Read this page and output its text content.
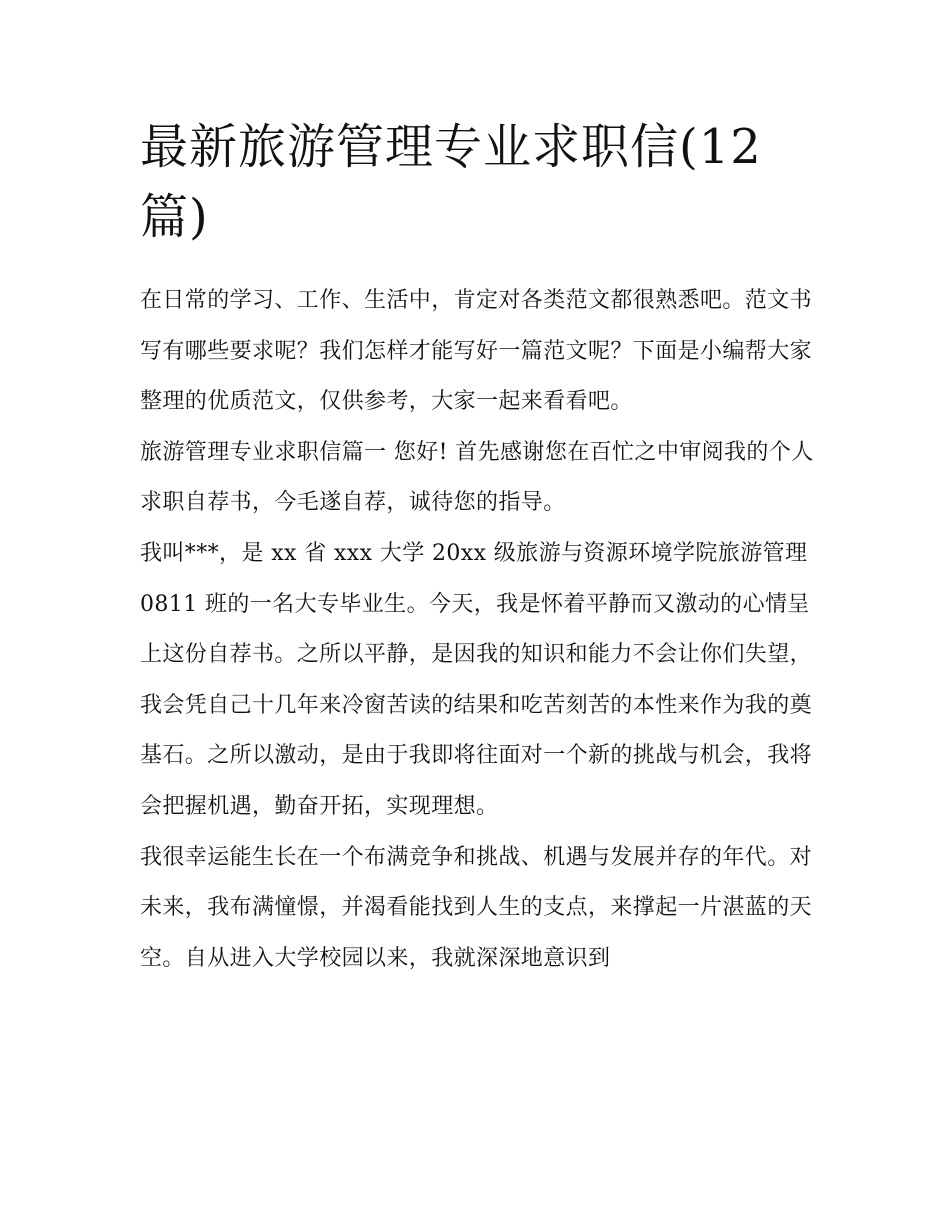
最新旅游管理专业求职信(12篇)

在日常的学习、工作、生活中，肯定对各类范文都很熟悉吧。范文书写有哪些要求呢？我们怎样才能写好一篇范文呢？下面是小编帮大家整理的优质范文，仅供参考，大家一起来看看吧。

旅游管理专业求职信篇一 您好! 首先感谢您在百忙之中审阅我的个人求职自荐书，今毛遂自荐，诚待您的指导。

我叫***，是 xx 省 xxx 大学 20xx 级旅游与资源环境学院旅游管理 0811 班的一名大专毕业生。今天，我是怀着平静而又激动的心情呈上这份自荐书。之所以平静，是因我的知识和能力不会让你们失望，我会凭自己十几年来冷窗苦读的结果和吃苦刻苦的本性来作为我的奠基石。之所以激动，是由于我即将往面对一个新的挑战与机会，我将会把握机遇，勤奋开拓，实现理想。

我很幸运能生长在一个布满竞争和挑战、机遇与发展并存的年代。对未来，我布满憧憬，并渴看能找到人生的支点，来撑起一片湛蓝的天空。自从进入大学校园以来，我就深深地意识到
